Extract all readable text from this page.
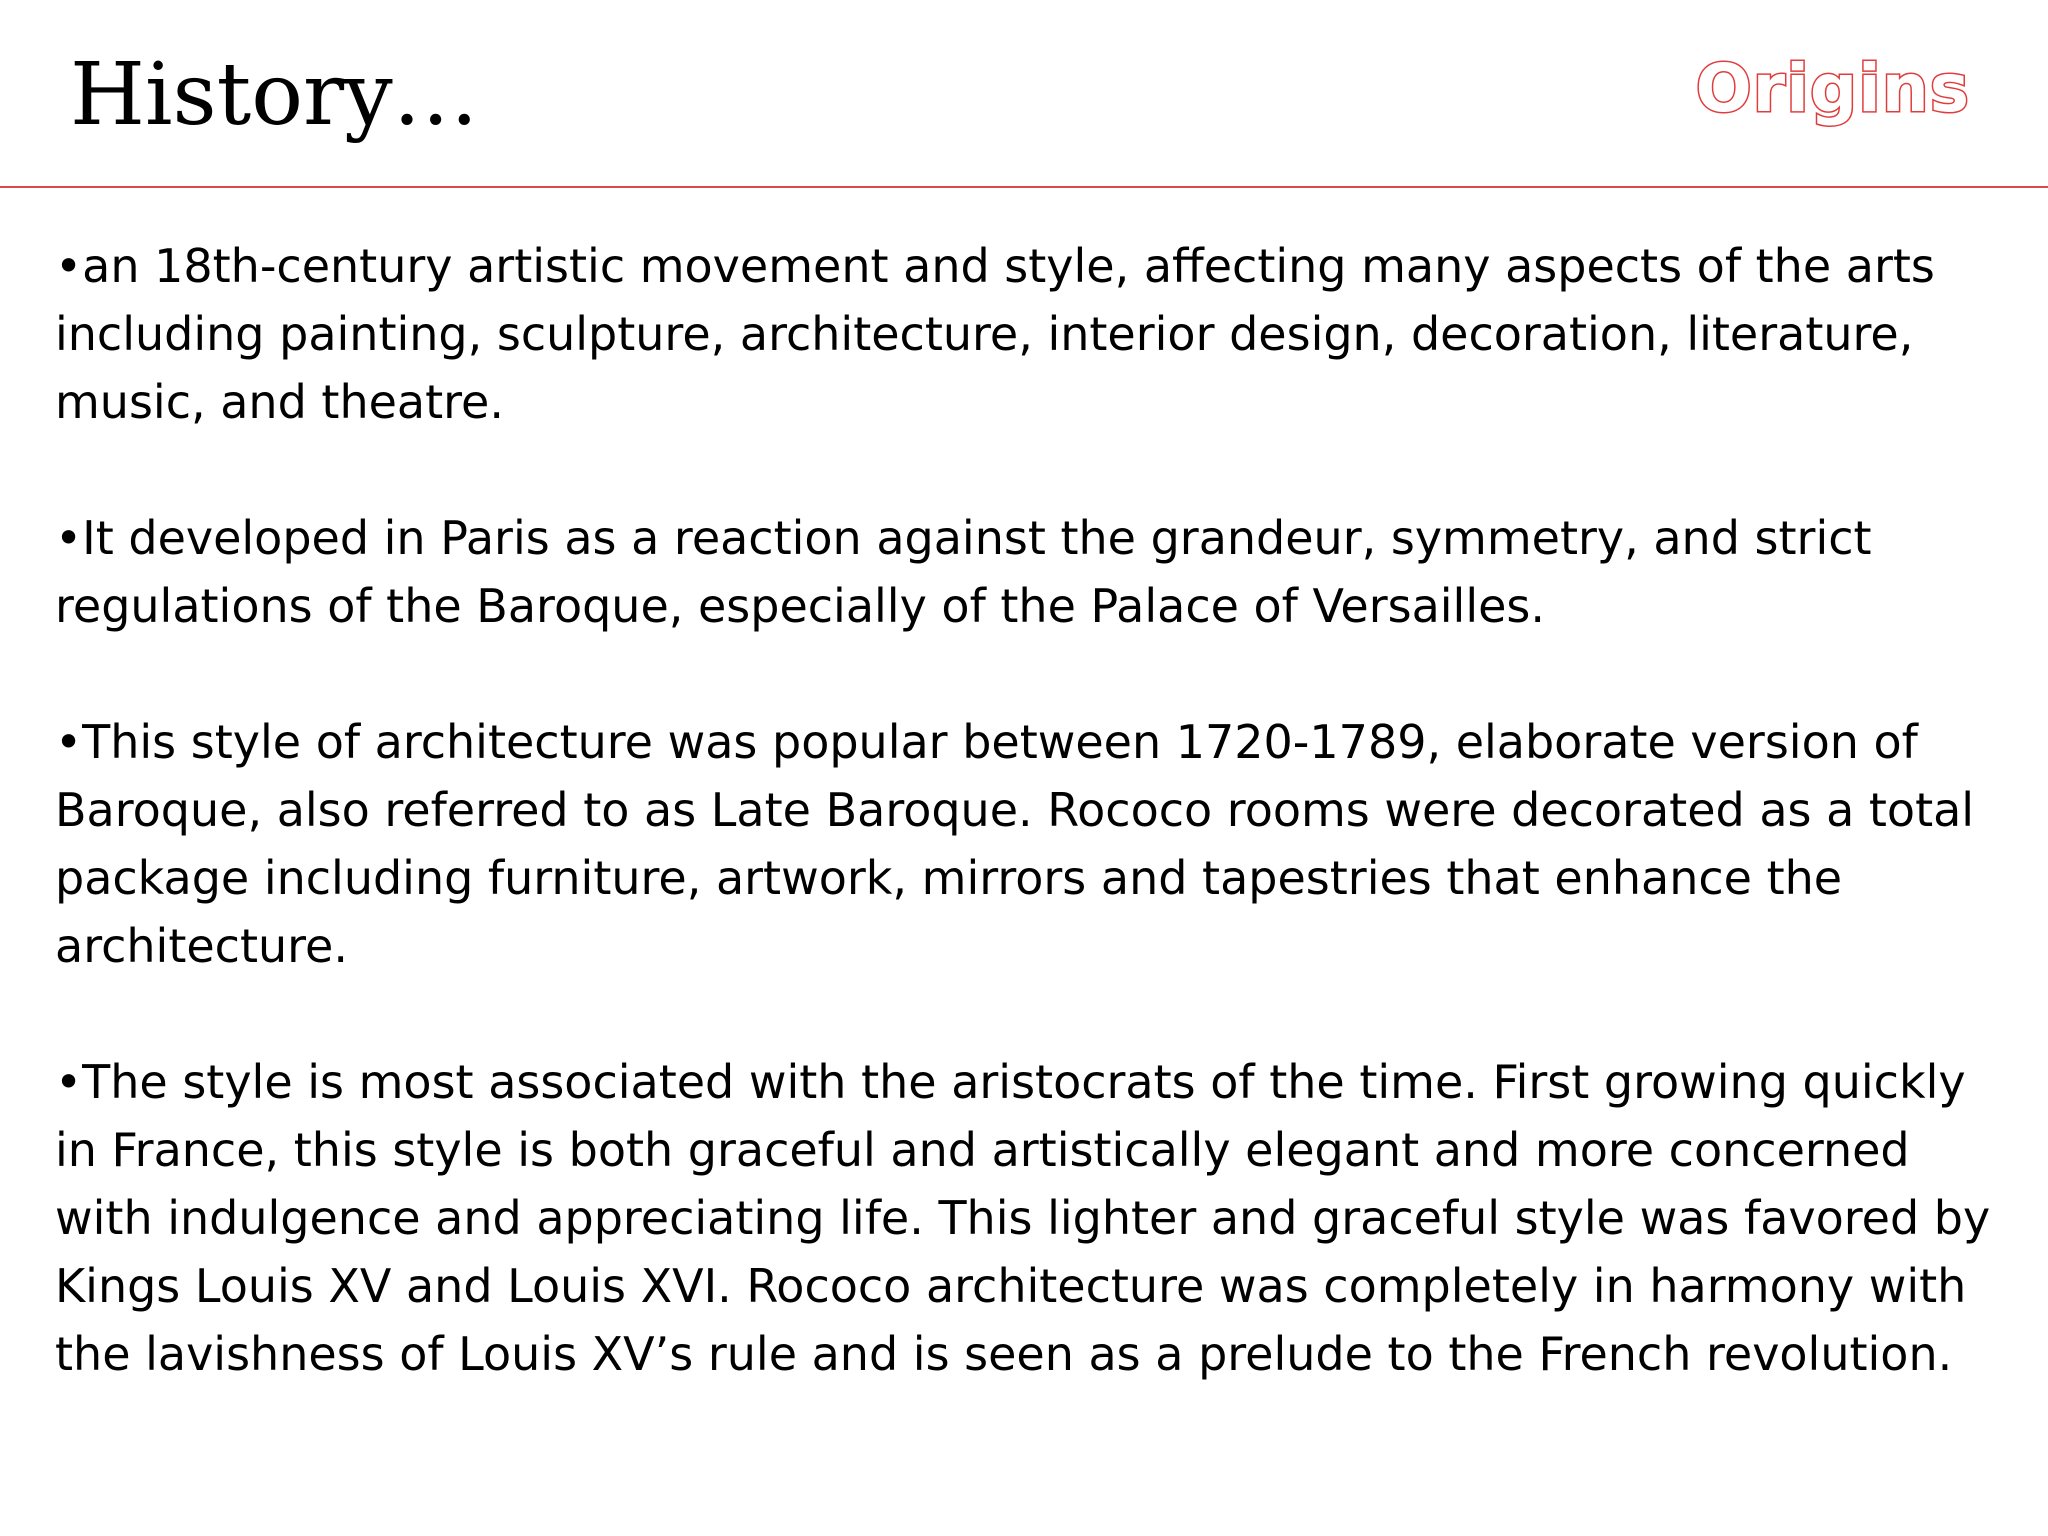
History…	Origins

•an 18th-century artistic movement and style, affecting many aspects of the arts including painting, sculpture, architecture, interior design, decoration, literature, music, and theatre.

•It developed in Paris as a reaction against the grandeur, symmetry, and strict regulations of the Baroque, especially of the Palace of Versailles.

•This style of architecture was popular between 1720-1789, elaborate version of Baroque, also referred to as Late Baroque. Rococo rooms were decorated as a total package including furniture, artwork, mirrors and tapestries that enhance the architecture.

•The style is most associated with the aristocrats of the time. First growing quickly in France, this style is both graceful and artistically elegant and more concerned with indulgence and appreciating life. This lighter and graceful style was favored by Kings Louis XV and Louis XVI. Rococo architecture was completely in harmony with the lavishness of Louis XV’s rule and is seen as a prelude to the French revolution.
